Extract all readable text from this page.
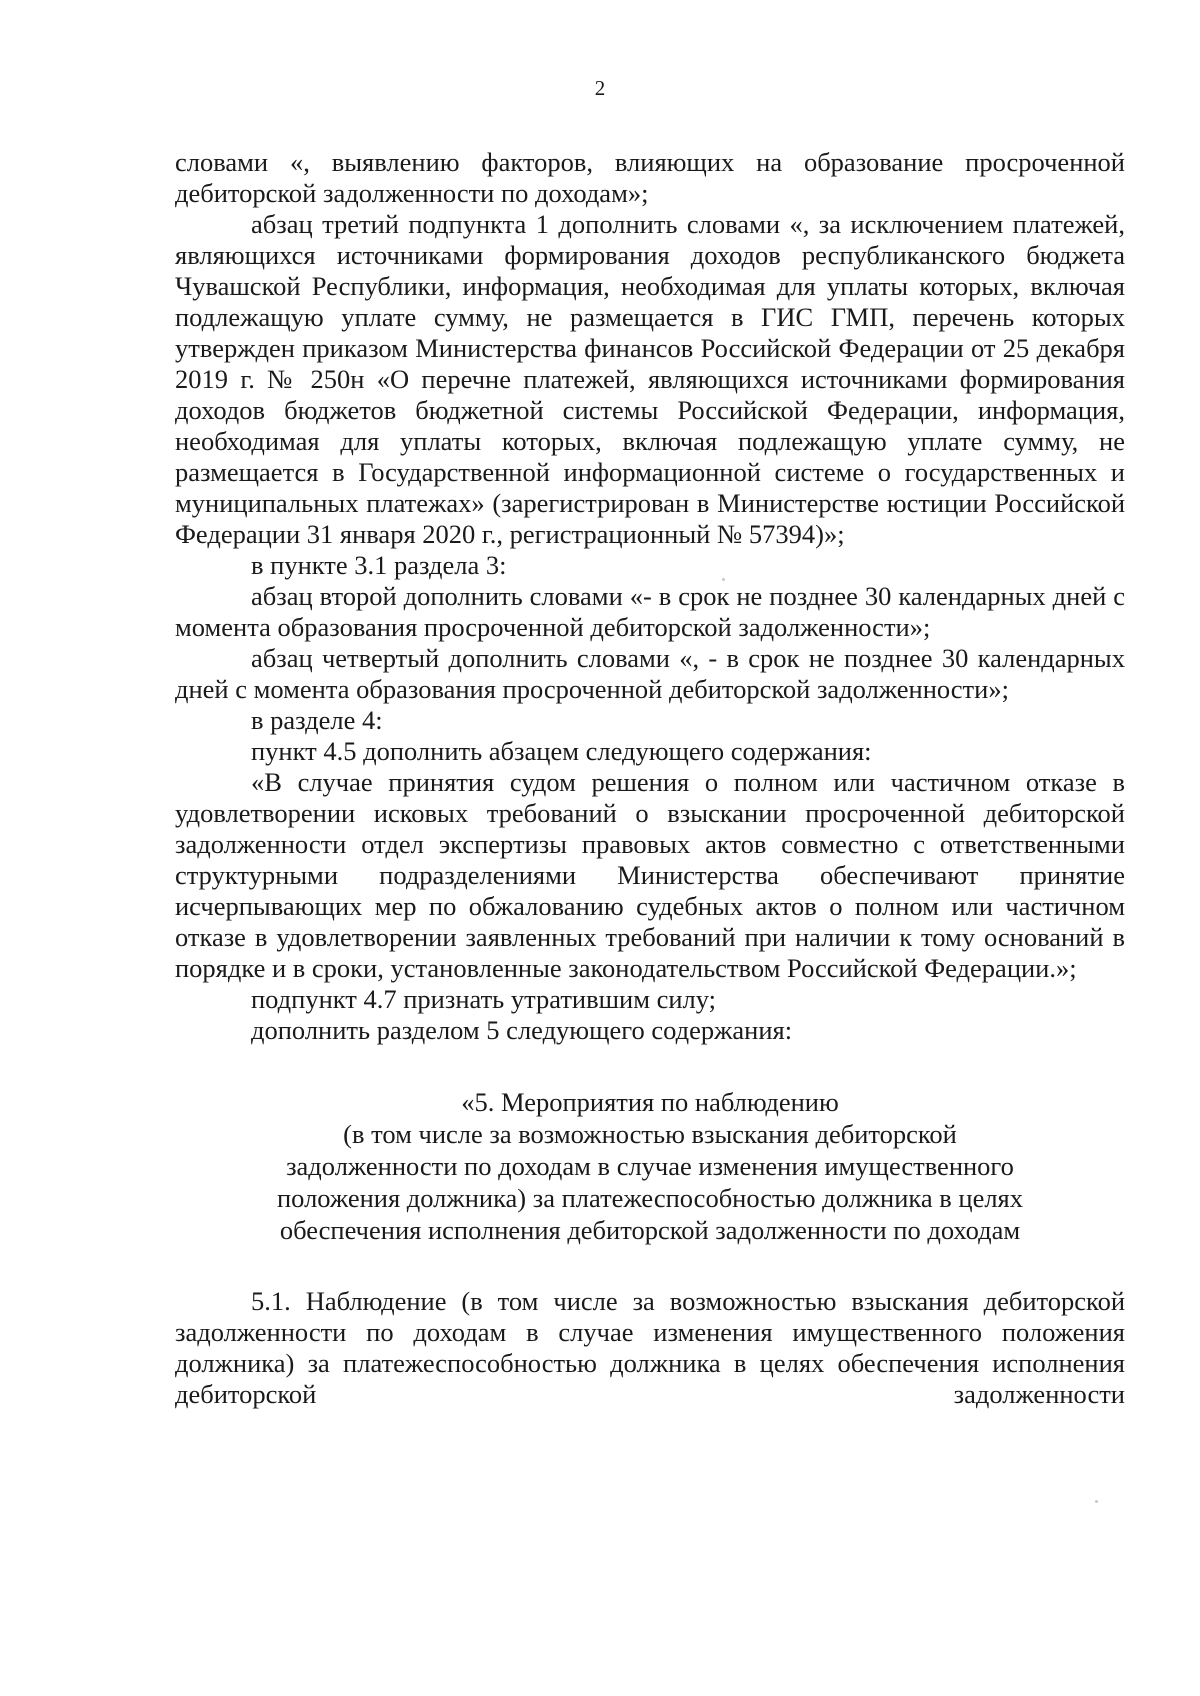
2

словами «, выявлению факторов, влияющих на образование просроченной дебиторской задолженности по доходам»;

абзац третий подпункта 1 дополнить словами «, за исключением платежей, являющихся источниками формирования доходов республиканского бюджета Чувашской Республики, информация, необходимая для уплаты которых, включая подлежащую уплате сумму, не размещается в ГИС ГМП, перечень которых утвержден приказом Министерства финансов Российской Федерации от 25 декабря 2019 г. № 250н «О перечне платежей, являющихся источниками формирования доходов бюджетов бюджетной системы Российской Федерации, информация, необходимая для уплаты которых, включая подлежащую уплате сумму, не размещается в Государственной информационной системе о государственных и муниципальных платежах» (зарегистрирован в Министерстве юстиции Российской Федерации 31 января 2020 г., регистрационный № 57394)»;

в пункте 3.1 раздела 3:

абзац второй дополнить словами «- в срок не позднее 30 календарных дней с момента образования просроченной дебиторской задолженности»;

абзац четвертый дополнить словами «, - в срок не позднее 30 календарных дней с момента образования просроченной дебиторской задолженности»;

в разделе 4:

пункт 4.5 дополнить абзацем следующего содержания:

«В случае принятия судом решения о полном или частичном отказе в удовлетворении исковых требований о взыскании просроченной дебиторской задолженности отдел экспертизы правовых актов совместно с ответственными структурными подразделениями Министерства обеспечивают принятие исчерпывающих мер по обжалованию судебных актов о полном или частичном отказе в удовлетворении заявленных требований при наличии к тому оснований в порядке и в сроки, установленные законодательством Российской Федерации.»;

подпункт 4.7 признать утратившим силу;

дополнить разделом 5 следующего содержания:

«5. Мероприятия по наблюдению
(в том числе за возможностью взыскания дебиторской
задолженности по доходам в случае изменения имущественного
положения должника) за платежеспособностью должника в целях
обеспечения исполнения дебиторской задолженности по доходам

5.1. Наблюдение (в том числе за возможностью взыскания дебиторской задолженности по доходам в случае изменения имущественного положения должника) за платежеспособностью должника в целях обеспечения исполнения дебиторской задолженности
